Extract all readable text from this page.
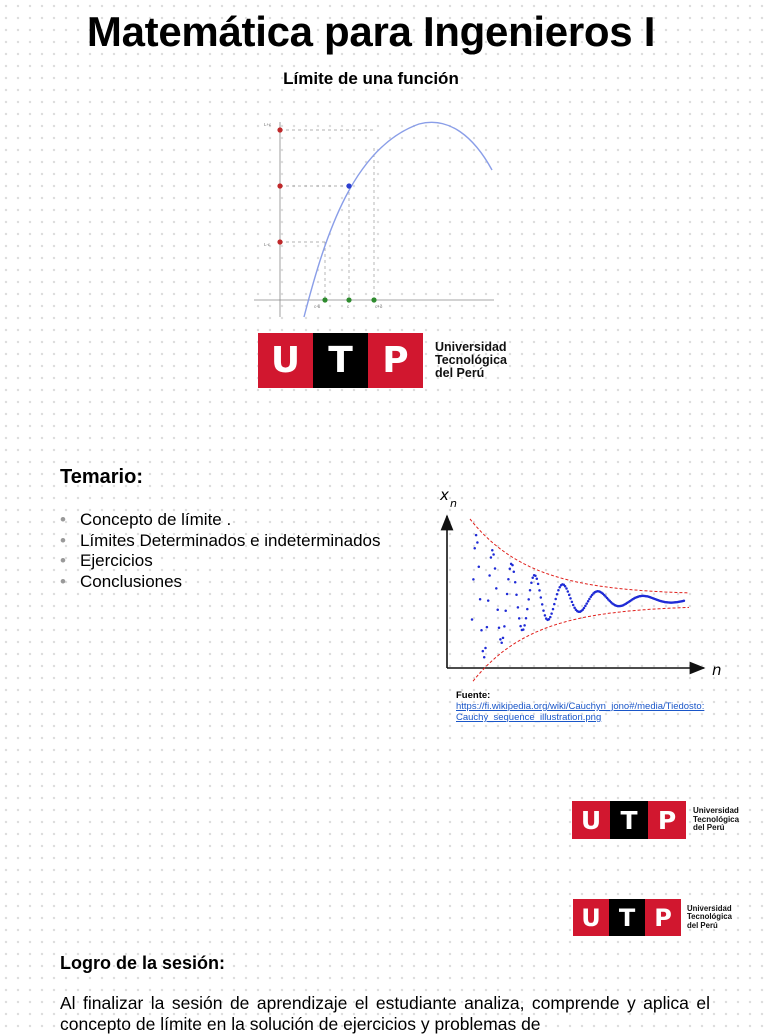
Matemática para Ingenieros I
Límite de una función
L+ε
L-ε
c-δ	c	c+δ
U T P	Universidad
Tecnológica
del Perú
Temario:
• Concepto de límite .
• Límites Determinados e indeterminados
• Ejercicios
• Conclusiones
x n
n
Fuente:
https://fi.wikipedia.org/wiki/Cauchyn_jono#/media/Tiedosto:
Cauchy_sequence_illustration.png
U T P	Universidad
Tecnológica
del Perú
U T P	Universidad
Tecnológica
del Perú
Logro de la sesión:
Al finalizar la sesión de aprendizaje el estudiante analiza, comprende y aplica el concepto de límite en la solución de ejercicios y problemas de
